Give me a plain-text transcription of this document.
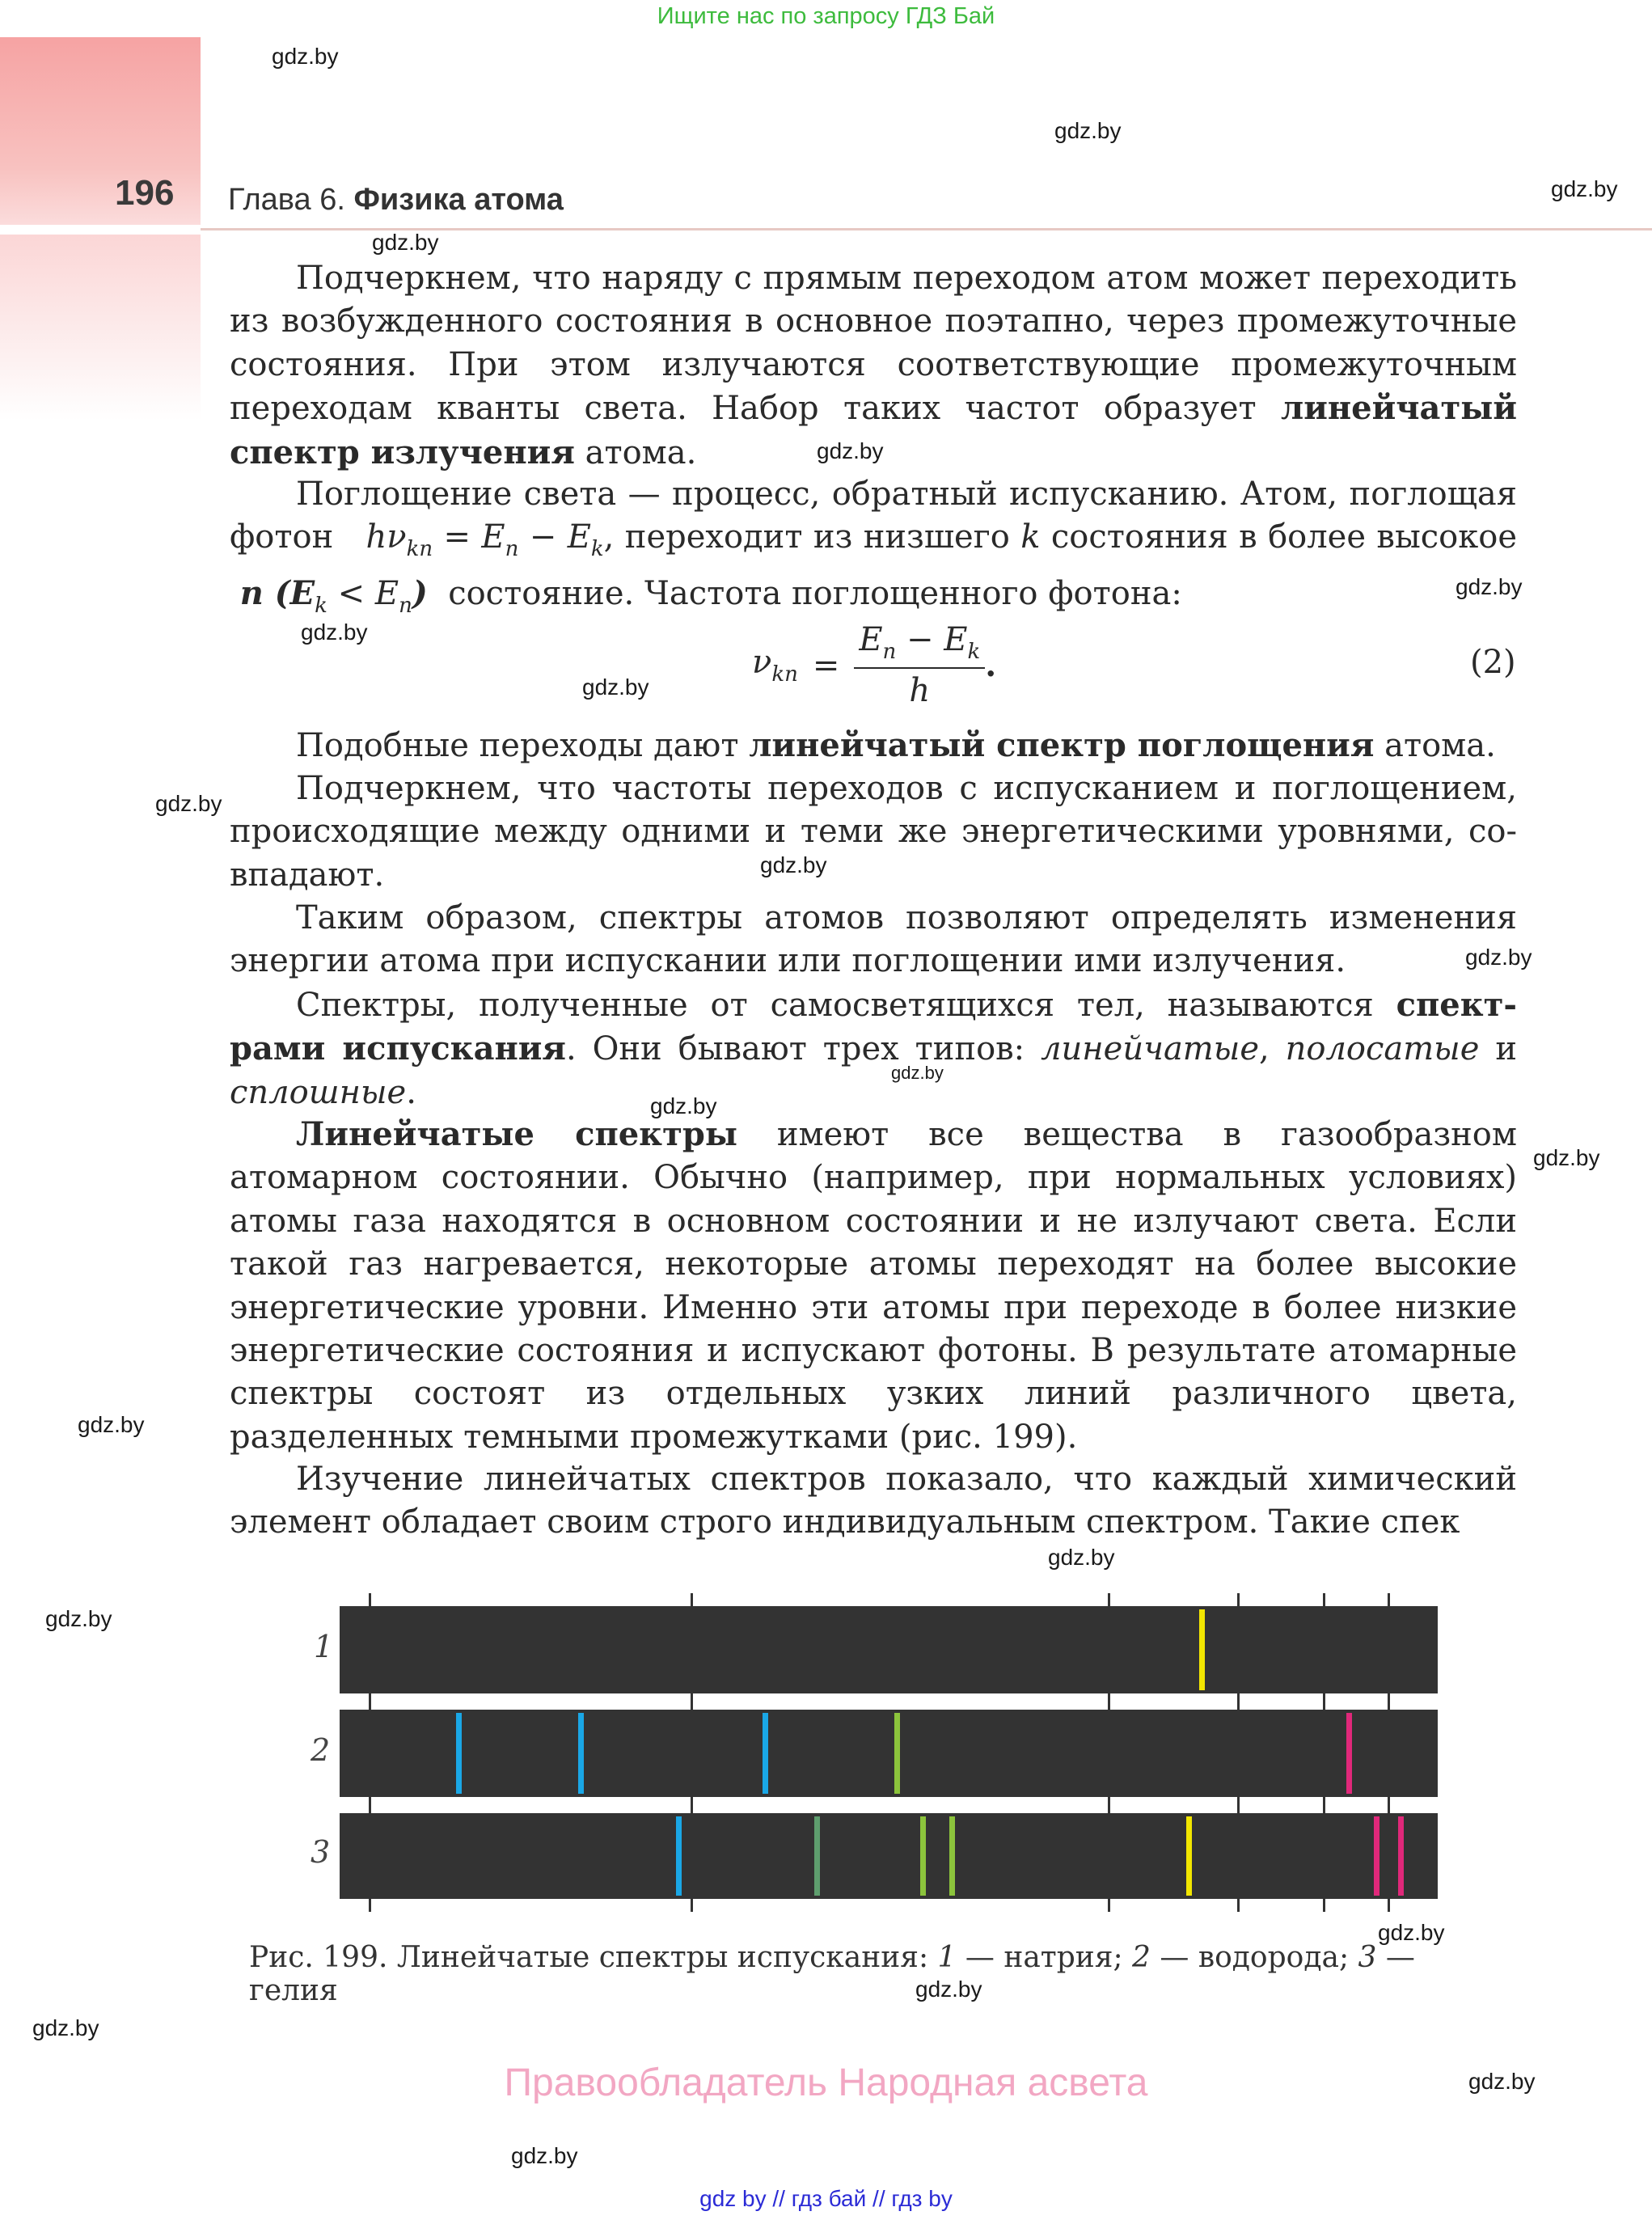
Ищите нас по запросу ГДЗ Бай
196 Глава 6. Физика атома
gdz.by
gdz.by
gdz.by
gdz.by
gdz.by
gdz.by
gdz.by
gdz.by
gdz.by
gdz.by
gdz.by
gdz.by
gdz.by
gdz.by
gdz.by
gdz.by
gdz.by
gdz.by
gdz.by
gdz.by
gdz.by
gdz.by

Подчеркнем, что наряду с прямым переходом атом может переходить из возбужденного состояния в основное поэтапно, через промежуточные состояния. При этом излучаются соответствующие промежуточным переходам кванты света. Набор таких частот образует линейчатый спектр излучения атома.

Поглощение света — процесс, обратный испусканию. Атом, поглощая фотон $h\nu_{kn} = E_n - E_k$, переходит из низшего k состояния в более высокое  n $(E_k < E_n)$ состояние. Частота поглощенного фотона:

$\nu_{kn} = \frac{E_n - E_k}{h}$ .	(2)

Подобные переходы дают линейчатый спектр поглощения атома.

Подчеркнем, что частоты переходов с испусканием и поглощением, происходящие между одними и теми же энергетическими уровнями, совпадают.

Таким образом, спектры атомов позволяют определять изменения энергии атома при испускании или поглощении ими излучения.

Спектры, полученные от самосветящихся тел, называются спектрами испускания. Они бывают трех типов: линейчатые, полосатые и сплошные.

Линейчатые спектры имеют все вещества в газообразном атомарном состоянии. Обычно (например, при нормальных условиях) атомы газа находятся в основном состоянии и не излучают света. Если такой газ нагревается, некоторые атомы переходят на более высокие энергетические уровни. Именно эти атомы при переходе в более низкие энергетические состояния и испускают фотоны. В результате атомарные спектры состоят из отдельных узких линий различного цвета, разделенных темными промежутками (рис. 199).

Изучение линейчатых спектров показало, что каждый химический элемент обладает своим строго индивидуальным спектром. Такие спек

1
2
3
Рис. 199. Линейчатые спектры испускания: 1 — натрия; 2 — водорода; 3 — гелия
Правообладатель Народная асвета
gdz by // гдз бай // гдз by
